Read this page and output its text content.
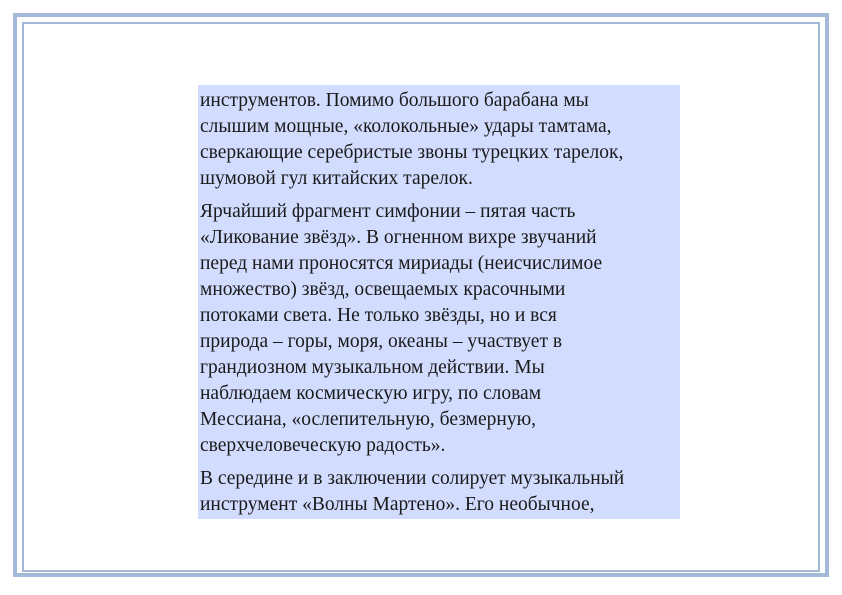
инструментов. Помимо большого барабана мы
слышим мощные, «колокольные» удары тамтама,
сверкающие серебристые звоны турецких тарелок,
шумовой гул китайских тарелок.

Ярчайший фрагмент симфонии – пятая часть
«Ликование звёзд». В огненном вихре звучаний
перед нами проносятся мириады (неисчислимое
множество) звёзд, освещаемых красочными
потоками света. Не только звёзды, но и вся
природа – горы, моря, океаны – участвует в
грандиозном музыкальном действии. Мы
наблюдаем космическую игру, по словам
Мессиана, «ослепительную, безмерную,
сверхчеловеческую радость».

В середине и в заключении солирует музыкальный
инструмент «Волны Мартено». Его необычное,
